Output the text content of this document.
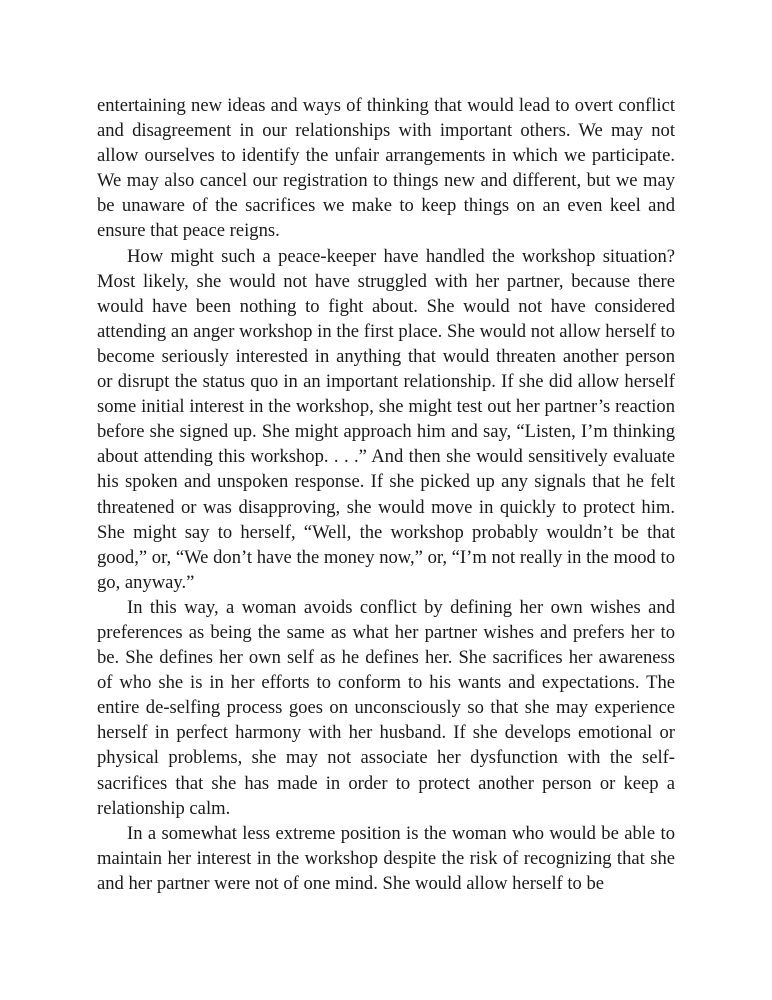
entertaining new ideas and ways of thinking that would lead to overt conflict and disagreement in our relationships with important others. We may not allow ourselves to identify the unfair arrangements in which we participate. We may also cancel our registration to things new and different, but we may be unaware of the sacrifices we make to keep things on an even keel and ensure that peace reigns.

How might such a peace-keeper have handled the workshop situation? Most likely, she would not have struggled with her partner, because there would have been nothing to fight about. She would not have considered attending an anger workshop in the first place. She would not allow herself to become seriously interested in anything that would threaten another person or disrupt the status quo in an important relationship. If she did allow herself some initial interest in the workshop, she might test out her partner’s reaction before she signed up. She might approach him and say, “Listen, I’m thinking about attending this workshop. . . .” And then she would sensitively evaluate his spoken and unspoken response. If she picked up any signals that he felt threatened or was disapproving, she would move in quickly to protect him. She might say to herself, “Well, the workshop probably wouldn’t be that good,” or, “We don’t have the money now,” or, “I’m not really in the mood to go, anyway.”

In this way, a woman avoids conflict by defining her own wishes and preferences as being the same as what her partner wishes and prefers her to be. She defines her own self as he defines her. She sacrifices her awareness of who she is in her efforts to conform to his wants and expectations. The entire de-selfing process goes on unconsciously so that she may experience herself in perfect harmony with her husband. If she develops emotional or physical problems, she may not associate her dysfunction with the self-sacrifices that she has made in order to protect another person or keep a relationship calm.

In a somewhat less extreme position is the woman who would be able to maintain her interest in the workshop despite the risk of recognizing that she and her partner were not of one mind. She would allow herself to be
